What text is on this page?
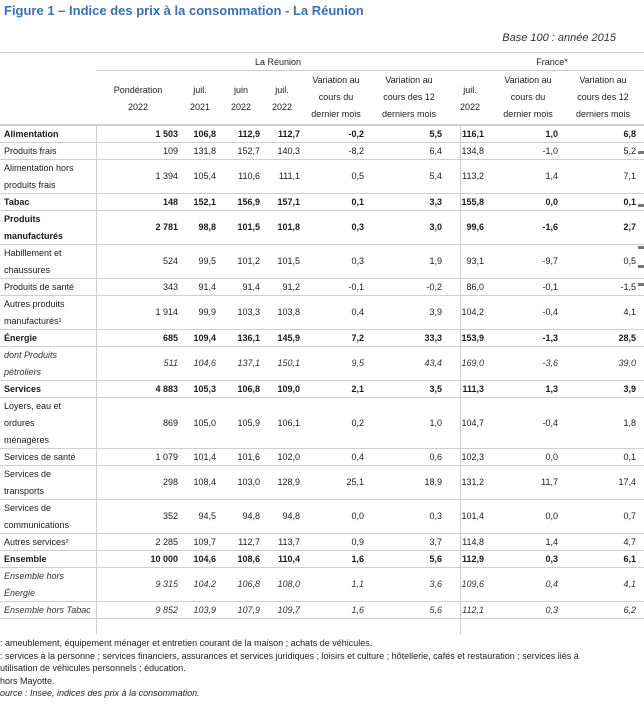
Figure 1 – Indice des prix à la consommation - La Réunion
Base 100 : année 2015
La Réunion	France*
Pondération
2022
juil.
2021
juin
2022
juil.
2022
Variation au
cours du
dernier mois
Variation au
cours des 12
derniers mois
juil.
2022
Variation au
cours du
dernier mois
Variation au
cours des 12
derniers mois
Alimentation	1 503	106,8	112,9	112,7	-0,2	5,5	116,1	1,0	6,8
Produits frais	109	131,8	152,7	140,3	-8,2	6,4	134,8	-1,0	5,2
Alimentation hors
produits frais
1 394	105,4	110,6	111,1	0,5	5,4	113,2	1,4	7,1
Tabac	148	152,1	156,9	157,1	0,1	3,3	155,8	0,0	0,1
Produits
manufacturés
2 781	98,8	101,5	101,8	0,3	3,0	99,6	-1,6	2,7
Habillement et
chaussures
524	99,5	101,2	101,5	0,3	1,9	93,1	-9,7	0,5
Produits de santé	343	91,4	91,4	91,2	-0,1	-0,2	86,0	-0,1	-1,5
Autres produits
manufacturés¹
1 914	99,9	103,3	103,8	0,4	3,9	104,2	-0,4	4,1
Énergie	685	109,4	136,1	145,9	7,2	33,3	153,9	-1,3	28,5
dont Produits
pétroliers
511	104,6	137,1	150,1	9,5	43,4	169,0	-3,6	39,0
Services	4 883	105,3	106,8	109,0	2,1	3,5	111,3	1,3	3,9
Loyers, eau et
ordures
ménagères
869	105,0	105,9	106,1	0,2	1,0	104,7	-0,4	1,8
Services de santé	1 079	101,4	101,6	102,0	0,4	0,6	102,3	0,0	0,1
Services de
transports
298	108,4	103,0	128,9	25,1	18,9	131,2	11,7	17,4
Services de
communications
352	94,5	94,8	94,8	0,0	0,3	101,4	0,0	0,7
Autres services²	2 285	109,7	112,7	113,7	0,9	3,7	114,8	1,4	4,7
Ensemble	10 000	104,6	108,6	110,4	1,6	5,6	112,9	0,3	6,1
Ensemble hors
Énergie
9 315	104,2	106,8	108,0	1,1	3,6	109,6	0,4	4,1
Ensemble hors Tabac	9 852	103,9	107,9	109,7	1,6	5,6	112,1	0,3	6,2
: ameublement, équipement ménager et entretien courant de la maison ; achats de véhicules.
: services à la personne ; services financiers, assurances et services juridiques ; loisirs et culture ; hôtellerie, cafés et restauration ; services liés à
utilisation de véhicules personnels ; éducation.
hors Mayotte.
ource : Insee, indices des prix à la consommation.
